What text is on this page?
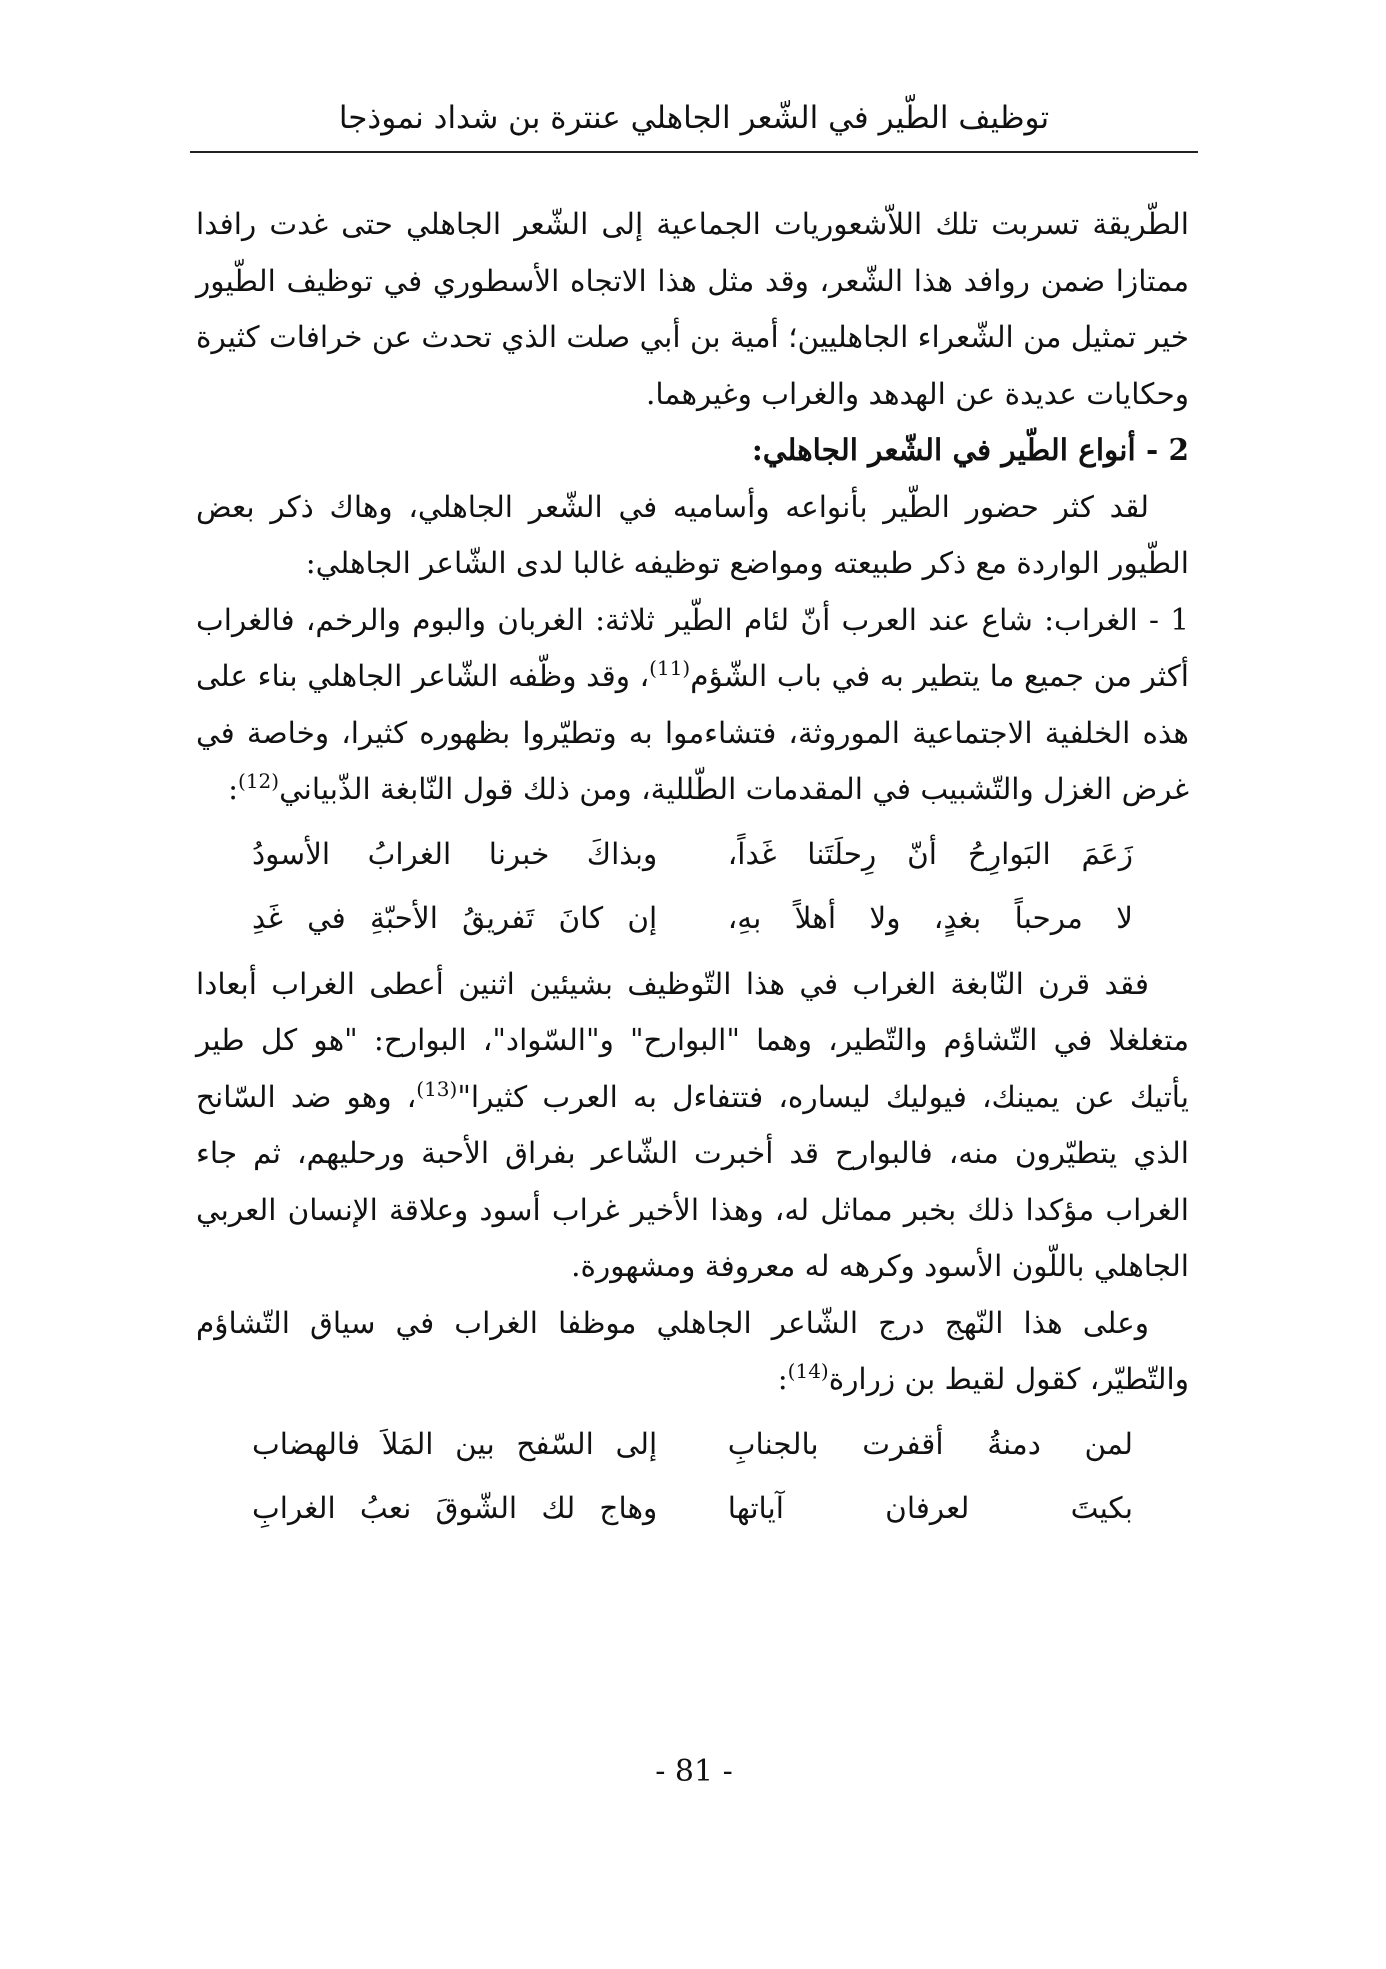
توظيف الطّير في الشّعر الجاهلي عنترة بن شداد نموذجا

الطّريقة تسربت تلك اللاّشعوريات الجماعية إلى الشّعر الجاهلي حتى غدت رافدا ممتازا ضمن روافد هذا الشّعر، وقد مثل هذا الاتجاه الأسطوري في توظيف الطّيور خير تمثيل من الشّعراء الجاهليين؛ أمية بن أبي صلت الذي تحدث عن خرافات كثيرة وحكايات عديدة عن الهدهد والغراب وغيرهما.

2 - أنواع الطّير في الشّعر الجاهلي:

لقد كثر حضور الطّير بأنواعه وأساميه في الشّعر الجاهلي، وهاك ذكر بعض الطّيور الواردة مع ذكر طبيعته ومواضع توظيفه غالبا لدى الشّاعر الجاهلي:

1 - الغراب: شاع عند العرب أنّ لئام الطّير ثلاثة: الغربان والبوم والرخم، فالغراب أكثر من جميع ما يتطير به في باب الشّؤم$^{(11)}$، وقد وظّفه الشّاعر الجاهلي بناء على هذه الخلفية الاجتماعية الموروثة، فتشاءموا به وتطيّروا بظهوره كثيرا، وخاصة في غرض الغزل والتّشبيب في المقدمات الطّللية، ومن ذلك قول النّابغة الذّبياني$^{(12)}$:

زَعَمَ البَوارِحُ أنّ رِحلَتَنا غَداً،
وبذاكَ خبرنا الغرابُ الأسودُ
لا مرحباً بغدٍ، ولا أهلاً بهِ،
إن كانَ تَفريقُ الأحبّةِ في غَدِ

فقد قرن النّابغة الغراب في هذا التّوظيف بشيئين اثنين أعطى الغراب أبعادا متغلغلا في التّشاؤم والتّطير، وهما "البوارح" و"السّواد"، البوارح: "هو كل طير يأتيك عن يمينك، فيوليك ليساره، فتتفاءل به العرب كثيرا"$^{(13)}$، وهو ضد السّانح الذي يتطيّرون منه، فالبوارح قد أخبرت الشّاعر بفراق الأحبة ورحليهم، ثم جاء الغراب مؤكدا ذلك بخبر مماثل له، وهذا الأخير غراب أسود وعلاقة الإنسان العربي الجاهلي باللّون الأسود وكرهه له معروفة ومشهورة.

وعلى هذا النّهج درج الشّاعر الجاهلي موظفا الغراب في سياق التّشاؤم والتّطيّر، كقول لقيط بن زرارة$^{(14)}$:

لمن دمنةُ أقفرت بالجنابِ
إلى السّفح بين المَلاَ فالهضاب
بكيتَ لعرفان آياتها
وهاج لك الشّوقَ نعبُ الغرابِ
- 81 -
